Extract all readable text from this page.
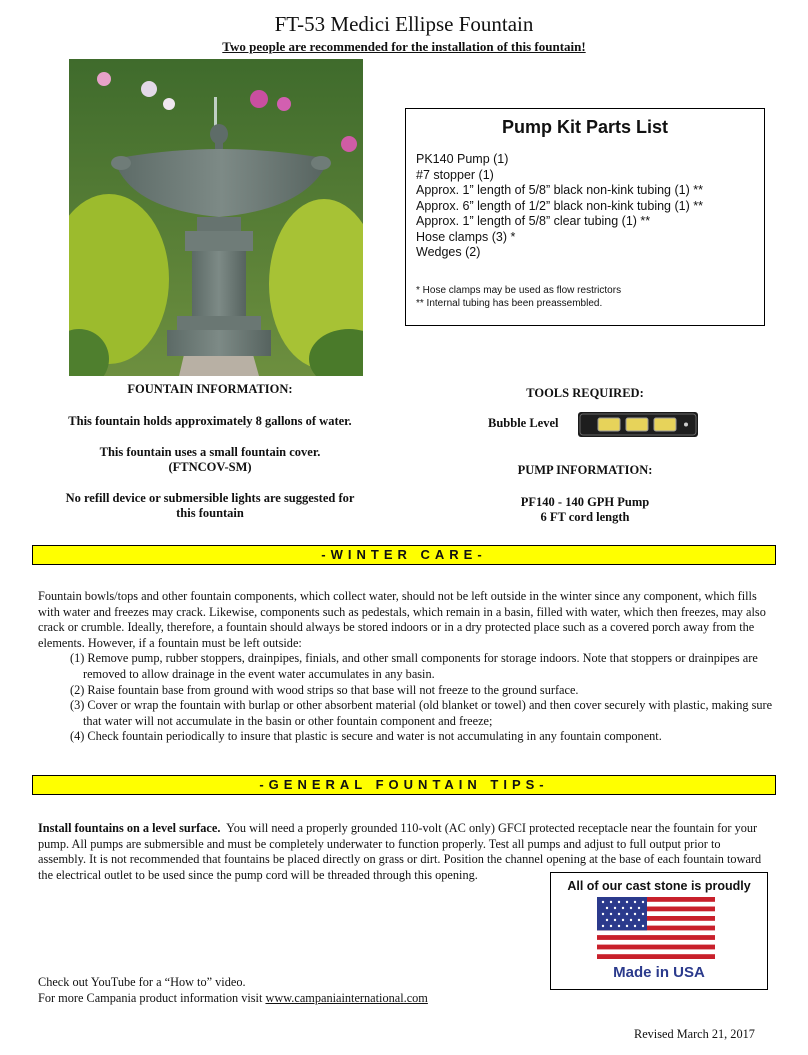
FT-53 Medici Ellipse Fountain
Two people are recommended for the installation of this fountain!
Pump Kit Parts List
PK140 Pump (1)
#7 stopper (1)
Approx. 1” length of 5/8” black non-kink tubing (1) **
Approx. 6” length of 1/2” black non-kink tubing (1) **
Approx. 1” length of 5/8” clear tubing (1) **
Hose clamps (3) *
Wedges (2)
* Hose clamps may be used as flow restrictors
** Internal tubing has been preassembled.
FOUNTAIN INFORMATION:
This fountain holds approximately 8 gallons of water.
This fountain uses a small fountain cover.
(FTNCOV-SM)
No refill device or submersible lights are suggested for
this fountain
TOOLS REQUIRED:
Bubble Level
PUMP INFORMATION:
PF140 - 140 GPH Pump
6 FT cord length
-WINTER CARE-

Fountain bowls/tops and other fountain components, which collect water, should not be left outside in the winter since any component, which fills with water and freezes may crack. Likewise, components such as pedestals, which remain in a basin, filled with water, which then freezes, may also crack or crumble. Ideally, therefore, a fountain should always be stored indoors or in a dry protected place such as a covered porch away from the elements. However, if a fountain must be left outside:

(1) Remove pump, rubber stoppers, drainpipes, finials, and other small components for storage indoors. Note that stoppers or drainpipes are removed to allow drainage in the event water accumulates in any basin.

(2) Raise fountain base from ground with wood strips so that base will not freeze to the ground surface.

(3) Cover or wrap the fountain with burlap or other absorbent material (old blanket or towel) and then cover securely with plastic, making sure that water will not accumulate in the basin or other fountain component and freeze;

(4) Check fountain periodically to insure that plastic is secure and water is not accumulating in any fountain component.

-GENERAL FOUNTAIN TIPS-

Install fountains on a level surface. You will need a properly grounded 110-volt (AC only) GFCI protected receptacle near the fountain for your pump. All pumps are submersible and must be completely underwater to function properly. Test all pumps and adjust to full output prior to assembly. It is not recommended that fountains be placed directly on grass or dirt. Position the channel opening at the base of each fountain toward the electrical outlet to be used since the pump cord will be threaded through this opening.

All of our cast stone is proudly
Made in USA
Check out YouTube for a “How to” video.
For more Campania product information visit www.campaniainternational.com
Revised March 21, 2017
